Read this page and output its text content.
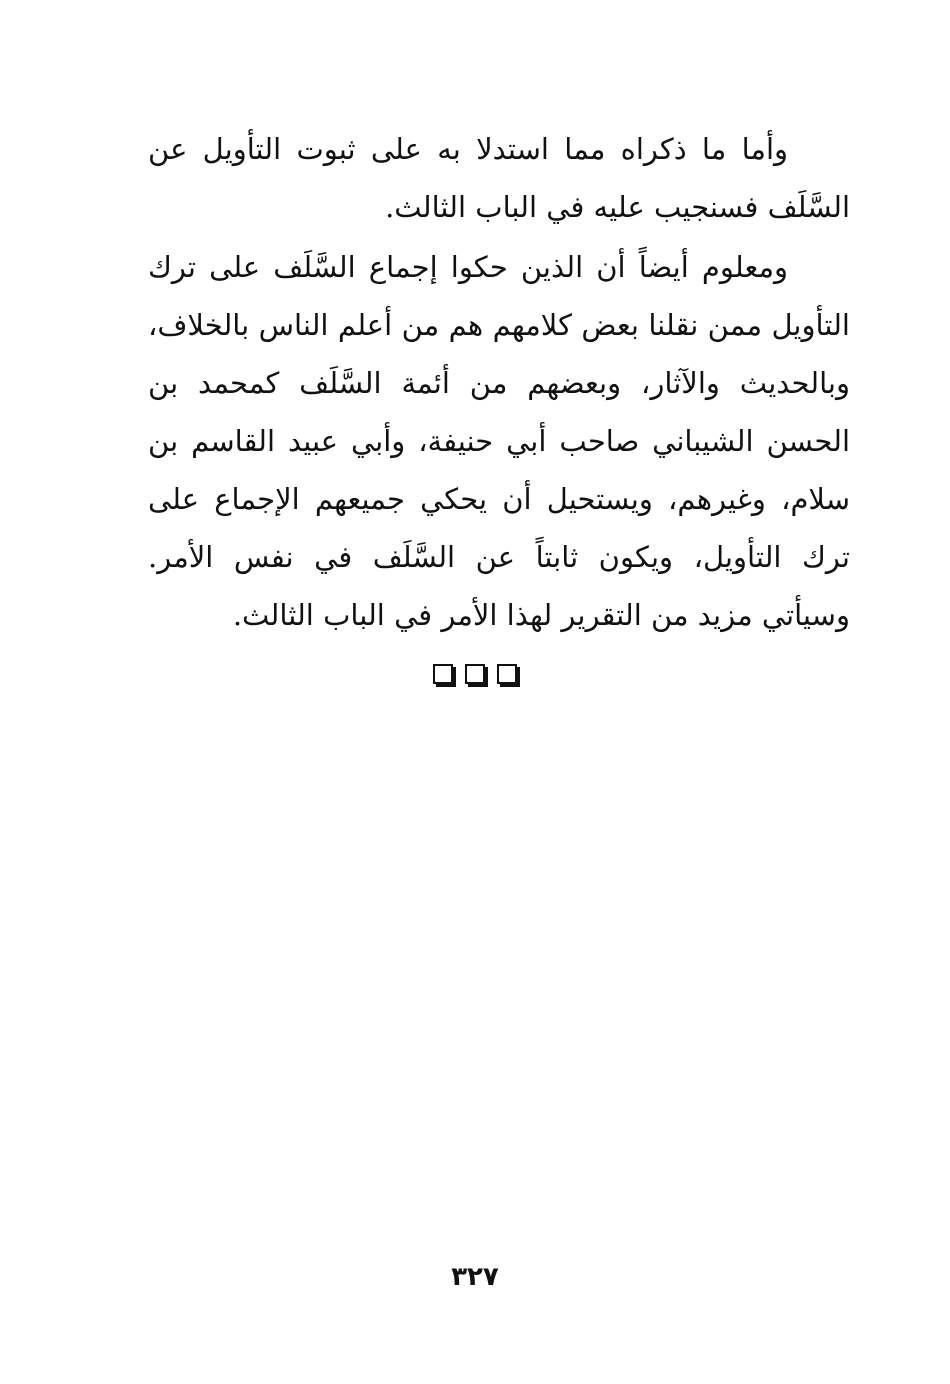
وأما ما ذكراه مما استدلا به على ثبوت التأويل عن السَّلَف فسنجيب عليه في الباب الثالث.

ومعلوم أيضاً أن الذين حكوا إجماع السَّلَف على ترك التأويل ممن نقلنا بعض كلامهم هم من أعلم الناس بالخلاف، وبالحديث والآثار، وبعضهم من أئمة السَّلَف كمحمد بن الحسن الشيباني صاحب أبي حنيفة، وأبي عبيد القاسم بن سلام، وغيرهم، ويستحيل أن يحكي جميعهم الإجماع على ترك التأويل، ويكون ثابتاً عن السَّلَف في نفس الأمر. وسيأتي مزيد من التقرير لهذا الأمر في الباب الثالث.

٣٢٧
